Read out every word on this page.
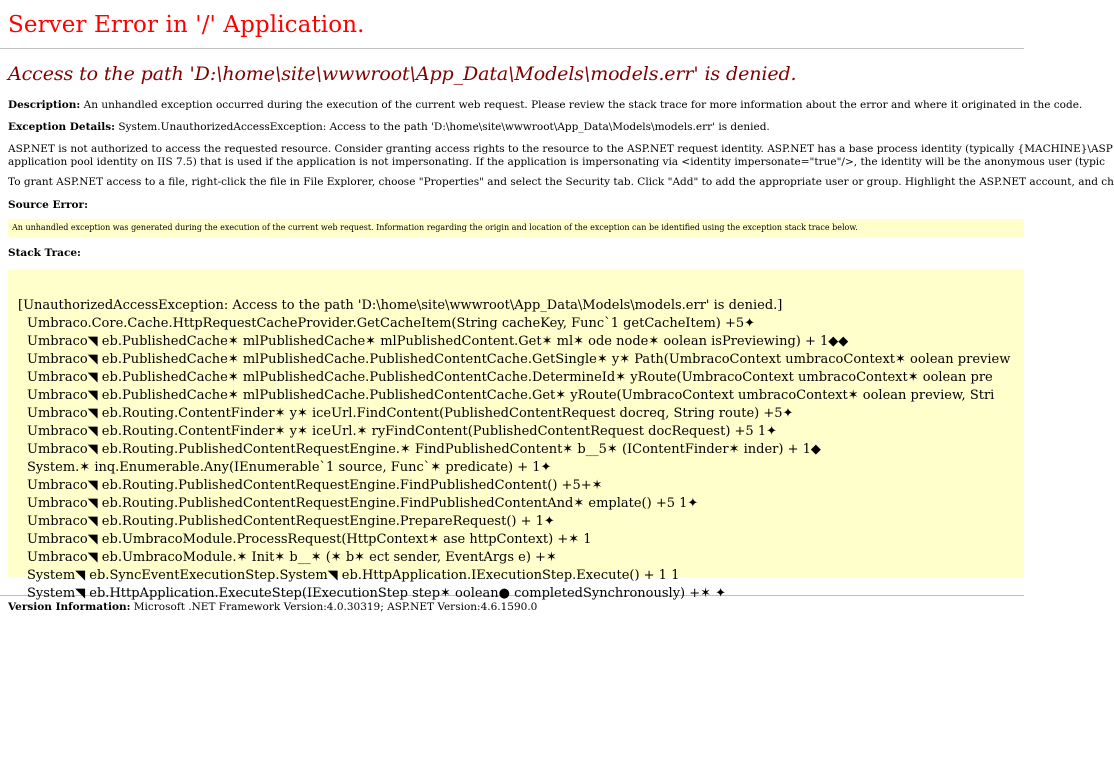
Server Error in '/' Application.
Access to the path 'D:\home\site\wwwroot\App_Data\Models\models.err' is denied.
Description: An unhandled exception occurred during the execution of the current web request. Please review the stack trace for more information about the error and where it originated in the code.
Exception Details: System.UnauthorizedAccessException: Access to the path 'D:\home\site\wwwroot\App_Data\Models\models.err' is denied.
ASP.NET is not authorized to access the requested resource. Consider granting access rights to the resource to the ASP.NET request identity. ASP.NET has a base process identity (typically {MACHINE}\ASP
application pool identity on IIS 7.5) that is used if the application is not impersonating. If the application is impersonating via <identity impersonate="true"/>, the identity will be the anonymous user (typic
To grant ASP.NET access to a file, right-click the file in File Explorer, choose "Properties" and select the Security tab. Click "Add" to add the appropriate user or group. Highlight the ASP.NET account, and ch
Source Error:
An unhandled exception was generated during the execution of the current web request. Information regarding the origin and location of the exception can be identified using the exception stack trace below.
Stack Trace:
[UnauthorizedAccessException: Access to the path 'D:\home\site\wwwroot\App_Data\Models\models.err' is denied.]
Umbraco.Core.Cache.HttpRequestCacheProvider.GetCacheItem(String cacheKey, Func`1 getCacheItem) +5✦
Umbraco◥ eb.PublishedCache✶ mlPublishedCache✶ mlPublishedContent.Get✶ ml✶ ode node✶ oolean isPreviewing) + 1◆◆
Umbraco◥ eb.PublishedCache✶ mlPublishedCache.PublishedContentCache.GetSingle✶ y✶ Path(UmbracoContext umbracoContext✶ oolean preview
Umbraco◥ eb.PublishedCache✶ mlPublishedCache.PublishedContentCache.DetermineId✶ yRoute(UmbracoContext umbracoContext✶ oolean pre
Umbraco◥ eb.PublishedCache✶ mlPublishedCache.PublishedContentCache.Get✶ yRoute(UmbracoContext umbracoContext✶ oolean preview, Stri
Umbraco◥ eb.Routing.ContentFinder✶ y✶ iceUrl.FindContent(PublishedContentRequest docreq, String route) +5✦
Umbraco◥ eb.Routing.ContentFinder✶ y✶ iceUrl.✶ ryFindContent(PublishedContentRequest docRequest) +5 1✦
Umbraco◥ eb.Routing.PublishedContentRequestEngine.✶ FindPublishedContent✶ b__5✶ (IContentFinder✶ inder) + 1◆
System.✶ inq.Enumerable.Any(IEnumerable`1 source, Func`✶ predicate) + 1✦
Umbraco◥ eb.Routing.PublishedContentRequestEngine.FindPublishedContent() +5+✶
Umbraco◥ eb.Routing.PublishedContentRequestEngine.FindPublishedContentAnd✶ emplate() +5 1✦
Umbraco◥ eb.Routing.PublishedContentRequestEngine.PrepareRequest() + 1✦
Umbraco◥ eb.UmbracoModule.ProcessRequest(HttpContext✶ ase httpContext) +✶ 1
Umbraco◥ eb.UmbracoModule.✶ Init✶ b__✶ (✶ b✶ ect sender, EventArgs e) +✶
System◥ eb.SyncEventExecutionStep.System◥ eb.HttpApplication.IExecutionStep.Execute() + 1 1
System◥ eb.HttpApplication.ExecuteStep(IExecutionStep step✶ oolean● completedSynchronously) +✶ ✦
Version Information: Microsoft .NET Framework Version:4.0.30319; ASP.NET Version:4.6.1590.0
